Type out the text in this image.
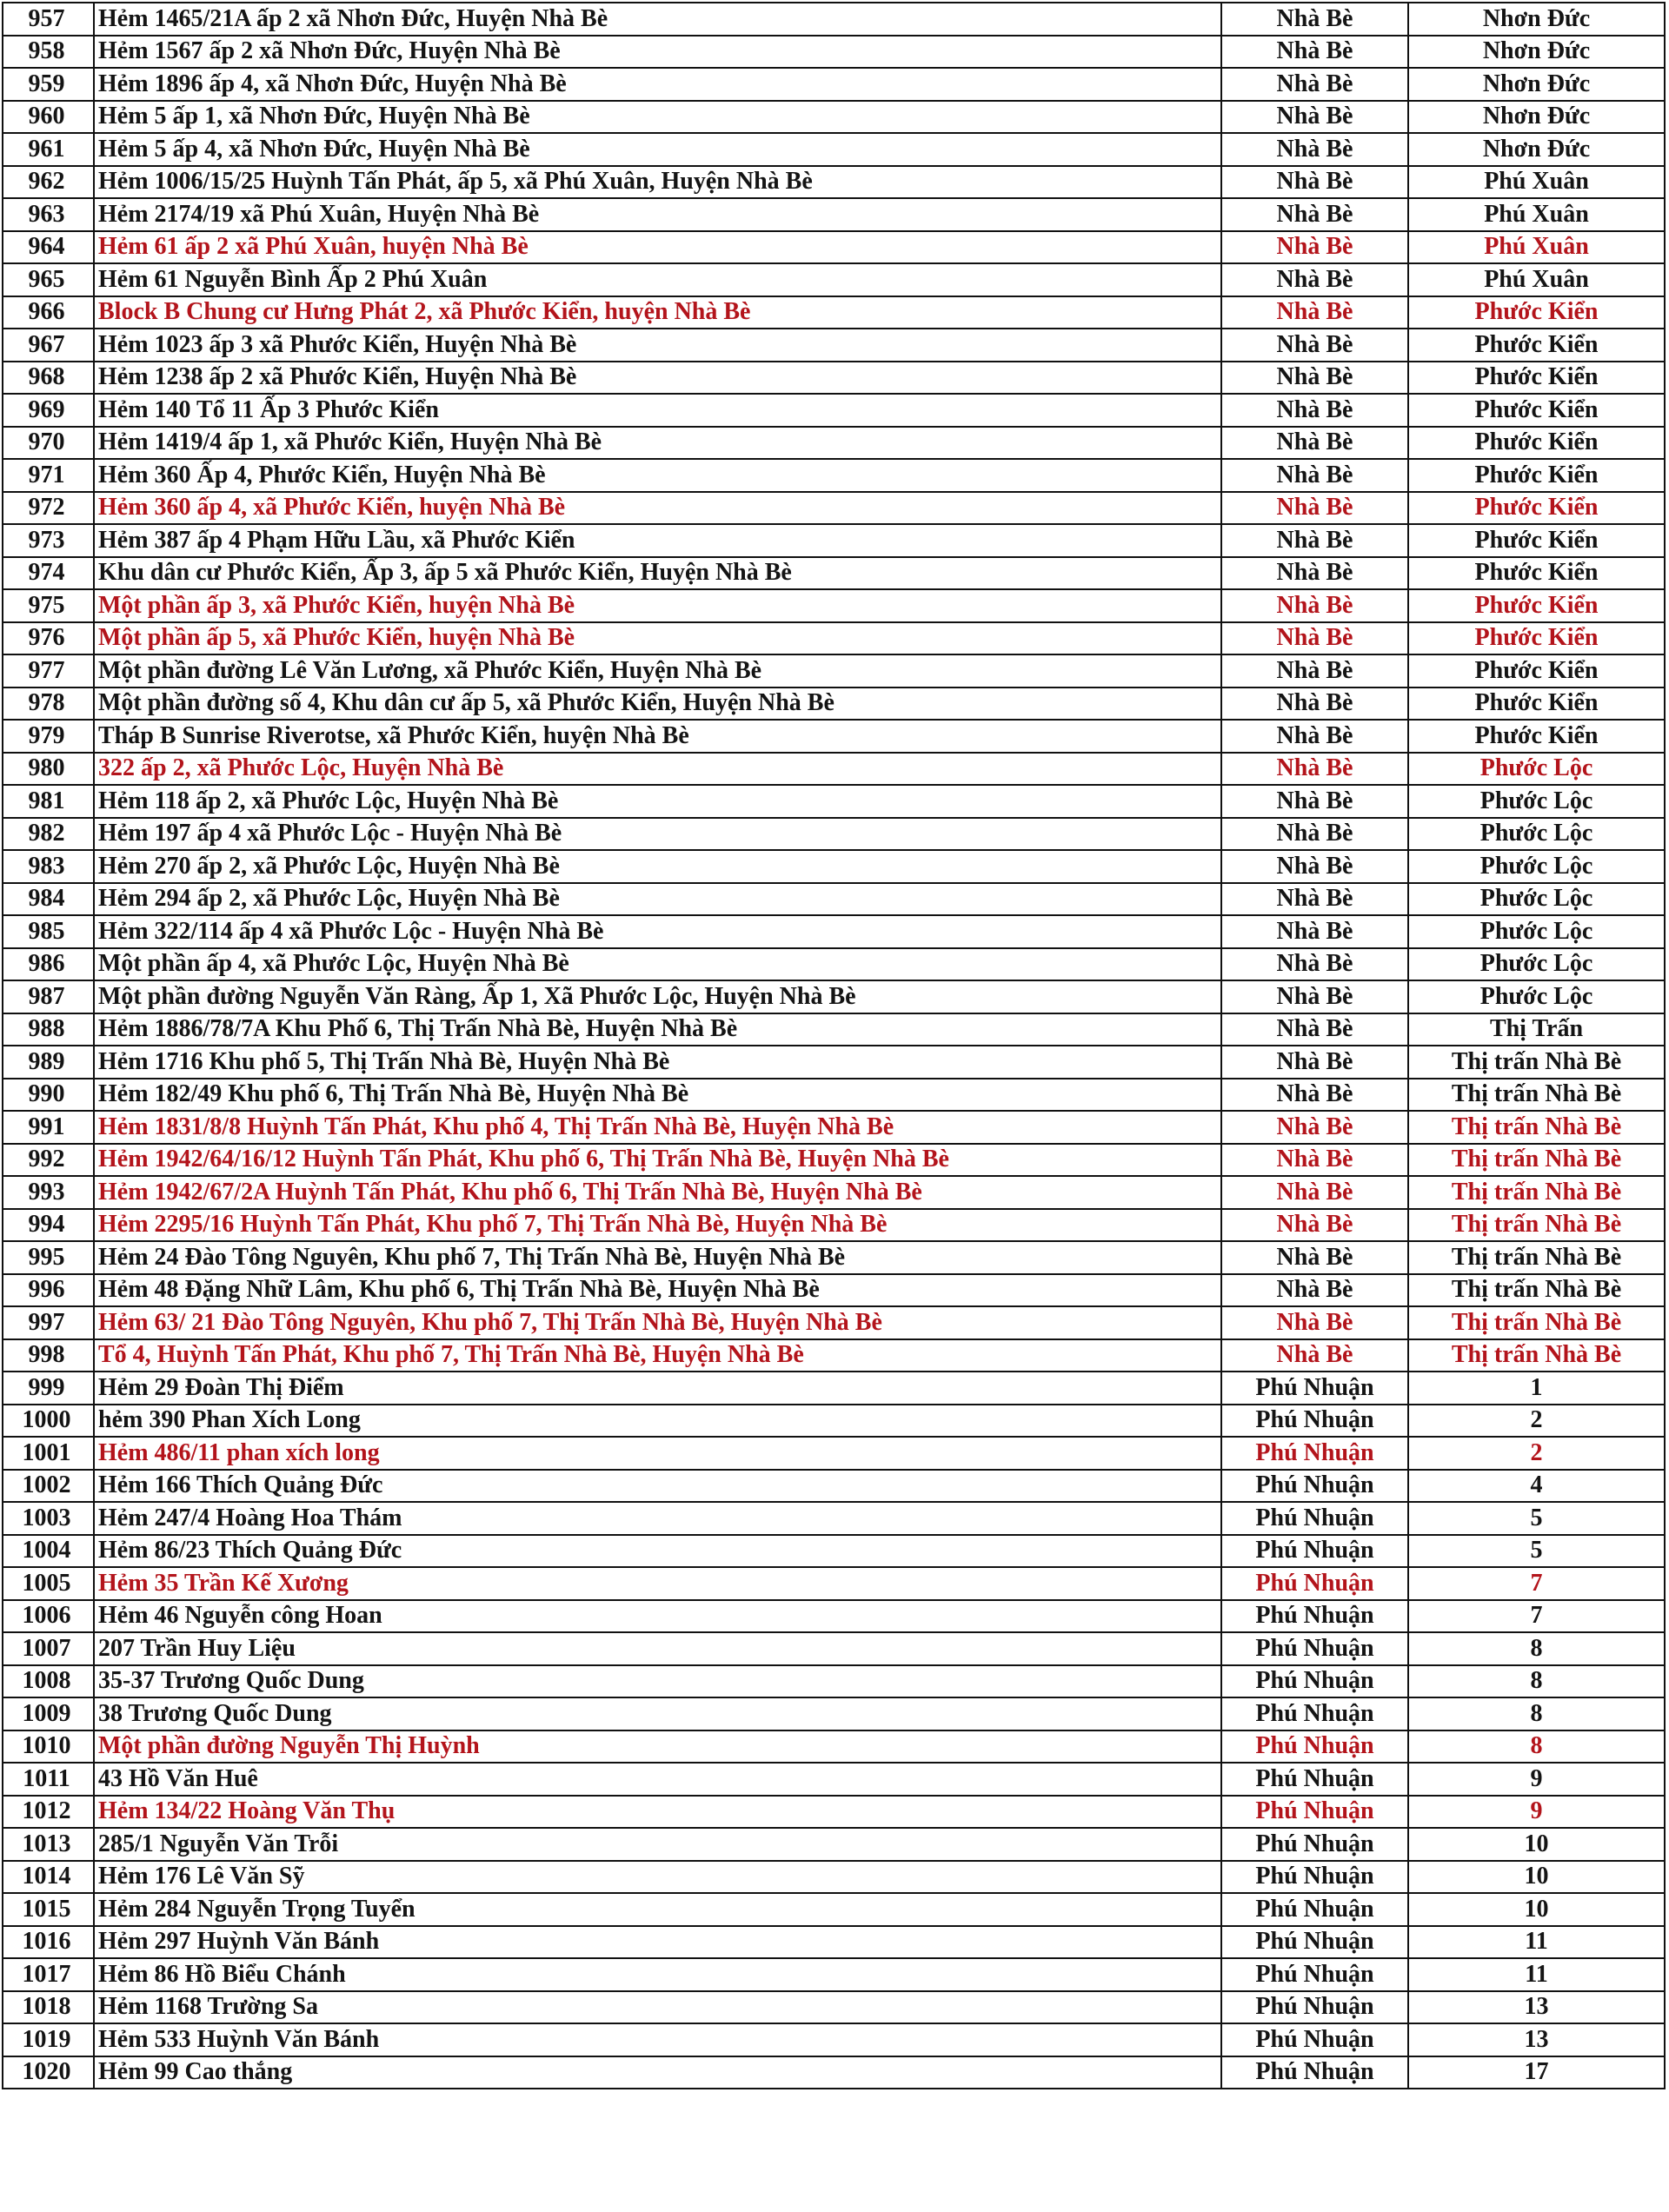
957	Hẻm 1465/21A ấp 2 xã Nhơn Đức, Huyện Nhà Bè	Nhà Bè	Nhơn Đức
958	Hẻm 1567 ấp 2 xã Nhơn Đức, Huyện Nhà Bè	Nhà Bè	Nhơn Đức
959	Hẻm 1896 ấp 4, xã Nhơn Đức, Huyện Nhà Bè	Nhà Bè	Nhơn Đức
960	Hẻm 5 ấp 1, xã Nhơn Đức, Huyện Nhà Bè	Nhà Bè	Nhơn Đức
961	Hẻm 5 ấp 4, xã Nhơn Đức, Huyện Nhà Bè	Nhà Bè	Nhơn Đức
962	Hẻm 1006/15/25 Huỳnh Tấn Phát, ấp 5, xã Phú Xuân, Huyện Nhà Bè	Nhà Bè	Phú Xuân
963	Hẻm 2174/19 xã Phú Xuân, Huyện Nhà Bè	Nhà Bè	Phú Xuân
964	Hẻm 61 ấp 2 xã Phú Xuân, huyện Nhà Bè	Nhà Bè	Phú Xuân
965	Hẻm 61 Nguyễn Bình Ấp 2 Phú Xuân	Nhà Bè	Phú Xuân
966	Block B Chung cư Hưng Phát 2, xã Phước Kiển, huyện Nhà Bè	Nhà Bè	Phước Kiển
967	Hẻm 1023 ấp 3 xã Phước Kiển, Huyện Nhà Bè	Nhà Bè	Phước Kiển
968	Hẻm 1238 ấp 2 xã Phước Kiển, Huyện Nhà Bè	Nhà Bè	Phước Kiển
969	Hẻm 140 Tổ 11 Ấp 3 Phước Kiển	Nhà Bè	Phước Kiển
970	Hẻm 1419/4 ấp 1, xã Phước Kiển, Huyện Nhà Bè	Nhà Bè	Phước Kiển
971	Hẻm 360 Ấp 4, Phước Kiển, Huyện Nhà Bè	Nhà Bè	Phước Kiển
972	Hẻm 360 ấp 4, xã Phước Kiển, huyện Nhà Bè	Nhà Bè	Phước Kiển
973	Hẻm 387 ấp 4 Phạm Hữu Lầu, xã Phước Kiển	Nhà Bè	Phước Kiển
974	Khu dân cư Phước Kiển, Ấp 3, ấp 5 xã Phước Kiển, Huyện Nhà Bè	Nhà Bè	Phước Kiển
975	Một phần ấp 3, xã Phước Kiển, huyện Nhà Bè	Nhà Bè	Phước Kiển
976	Một phần ấp 5, xã Phước Kiển, huyện Nhà Bè	Nhà Bè	Phước Kiển
977	Một phần đường Lê Văn Lương, xã Phước Kiển, Huyện Nhà Bè	Nhà Bè	Phước Kiển
978	Một phần đường số 4, Khu dân cư ấp 5, xã Phước Kiển, Huyện Nhà Bè	Nhà Bè	Phước Kiển
979	Tháp B Sunrise Riverotse, xã Phước Kiển, huyện Nhà Bè	Nhà Bè	Phước Kiển
980	322 ấp 2, xã Phước Lộc, Huyện Nhà Bè	Nhà Bè	Phước Lộc
981	Hẻm 118 ấp 2, xã Phước Lộc, Huyện Nhà Bè	Nhà Bè	Phước Lộc
982	Hẻm 197 ấp 4 xã Phước Lộc - Huyện Nhà Bè	Nhà Bè	Phước Lộc
983	Hẻm 270 ấp 2, xã Phước Lộc, Huyện Nhà Bè	Nhà Bè	Phước Lộc
984	Hẻm 294 ấp 2, xã Phước Lộc, Huyện Nhà Bè	Nhà Bè	Phước Lộc
985	Hẻm 322/114 ấp 4 xã Phước Lộc - Huyện Nhà Bè	Nhà Bè	Phước Lộc
986	Một phần ấp 4, xã Phước Lộc, Huyện Nhà Bè	Nhà Bè	Phước Lộc
987	Một phần đường Nguyễn Văn Ràng, Ấp 1, Xã Phước Lộc, Huyện Nhà Bè	Nhà Bè	Phước Lộc
988	Hẻm 1886/78/7A Khu Phố 6, Thị Trấn Nhà Bè, Huyện Nhà Bè	Nhà Bè	Thị Trấn
989	Hẻm 1716 Khu phố 5, Thị Trấn Nhà Bè, Huyện Nhà Bè	Nhà Bè	Thị trấn Nhà Bè
990	Hẻm 182/49 Khu phố 6, Thị Trấn Nhà Bè, Huyện Nhà Bè	Nhà Bè	Thị trấn Nhà Bè
991	Hẻm 1831/8/8 Huỳnh Tấn Phát, Khu phố 4, Thị Trấn Nhà Bè, Huyện Nhà Bè	Nhà Bè	Thị trấn Nhà Bè
992	Hẻm 1942/64/16/12 Huỳnh Tấn Phát, Khu phố 6, Thị Trấn Nhà Bè, Huyện Nhà Bè	Nhà Bè	Thị trấn Nhà Bè
993	Hẻm 1942/67/2A Huỳnh Tấn Phát, Khu phố 6, Thị Trấn Nhà Bè, Huyện Nhà Bè	Nhà Bè	Thị trấn Nhà Bè
994	Hẻm 2295/16 Huỳnh Tấn Phát, Khu phố 7, Thị Trấn Nhà Bè, Huyện Nhà Bè	Nhà Bè	Thị trấn Nhà Bè
995	Hẻm 24 Đào Tông Nguyên, Khu phố 7, Thị Trấn Nhà Bè, Huyện Nhà Bè	Nhà Bè	Thị trấn Nhà Bè
996	Hẻm 48 Đặng Nhữ Lâm, Khu phố 6, Thị Trấn Nhà Bè, Huyện Nhà Bè	Nhà Bè	Thị trấn Nhà Bè
997	Hẻm 63/ 21 Đào Tông Nguyên, Khu phố 7, Thị Trấn Nhà Bè, Huyện Nhà Bè	Nhà Bè	Thị trấn Nhà Bè
998	Tổ 4, Huỳnh Tấn Phát, Khu phố 7, Thị Trấn Nhà Bè, Huyện Nhà Bè	Nhà Bè	Thị trấn Nhà Bè
999	Hẻm 29 Đoàn Thị Điểm	Phú Nhuận	1
1000	hẻm 390 Phan Xích Long	Phú Nhuận	2
1001	Hẻm 486/11 phan xích long	Phú Nhuận	2
1002	Hẻm 166 Thích Quảng Đức	Phú Nhuận	4
1003	Hẻm 247/4 Hoàng Hoa Thám	Phú Nhuận	5
1004	Hẻm 86/23 Thích Quảng Đức	Phú Nhuận	5
1005	Hẻm 35 Trần Kế Xương	Phú Nhuận	7
1006	Hẻm 46 Nguyễn công Hoan	Phú Nhuận	7
1007	207 Trần Huy Liệu	Phú Nhuận	8
1008	35-37 Trương Quốc Dung	Phú Nhuận	8
1009	38 Trương Quốc Dung	Phú Nhuận	8
1010	Một phần đường Nguyễn Thị Huỳnh	Phú Nhuận	8
1011	43 Hồ Văn Huê	Phú Nhuận	9
1012	Hẻm 134/22 Hoàng Văn Thụ	Phú Nhuận	9
1013	285/1 Nguyễn Văn Trỗi	Phú Nhuận	10
1014	Hẻm 176 Lê Văn Sỹ	Phú Nhuận	10
1015	Hẻm 284 Nguyễn Trọng Tuyển	Phú Nhuận	10
1016	Hẻm 297 Huỳnh Văn Bánh	Phú Nhuận	11
1017	Hẻm 86 Hồ Biểu Chánh	Phú Nhuận	11
1018	Hẻm 1168 Trường Sa	Phú Nhuận	13
1019	Hẻm 533 Huỳnh Văn Bánh	Phú Nhuận	13
1020	Hẻm 99 Cao thắng	Phú Nhuận	17
